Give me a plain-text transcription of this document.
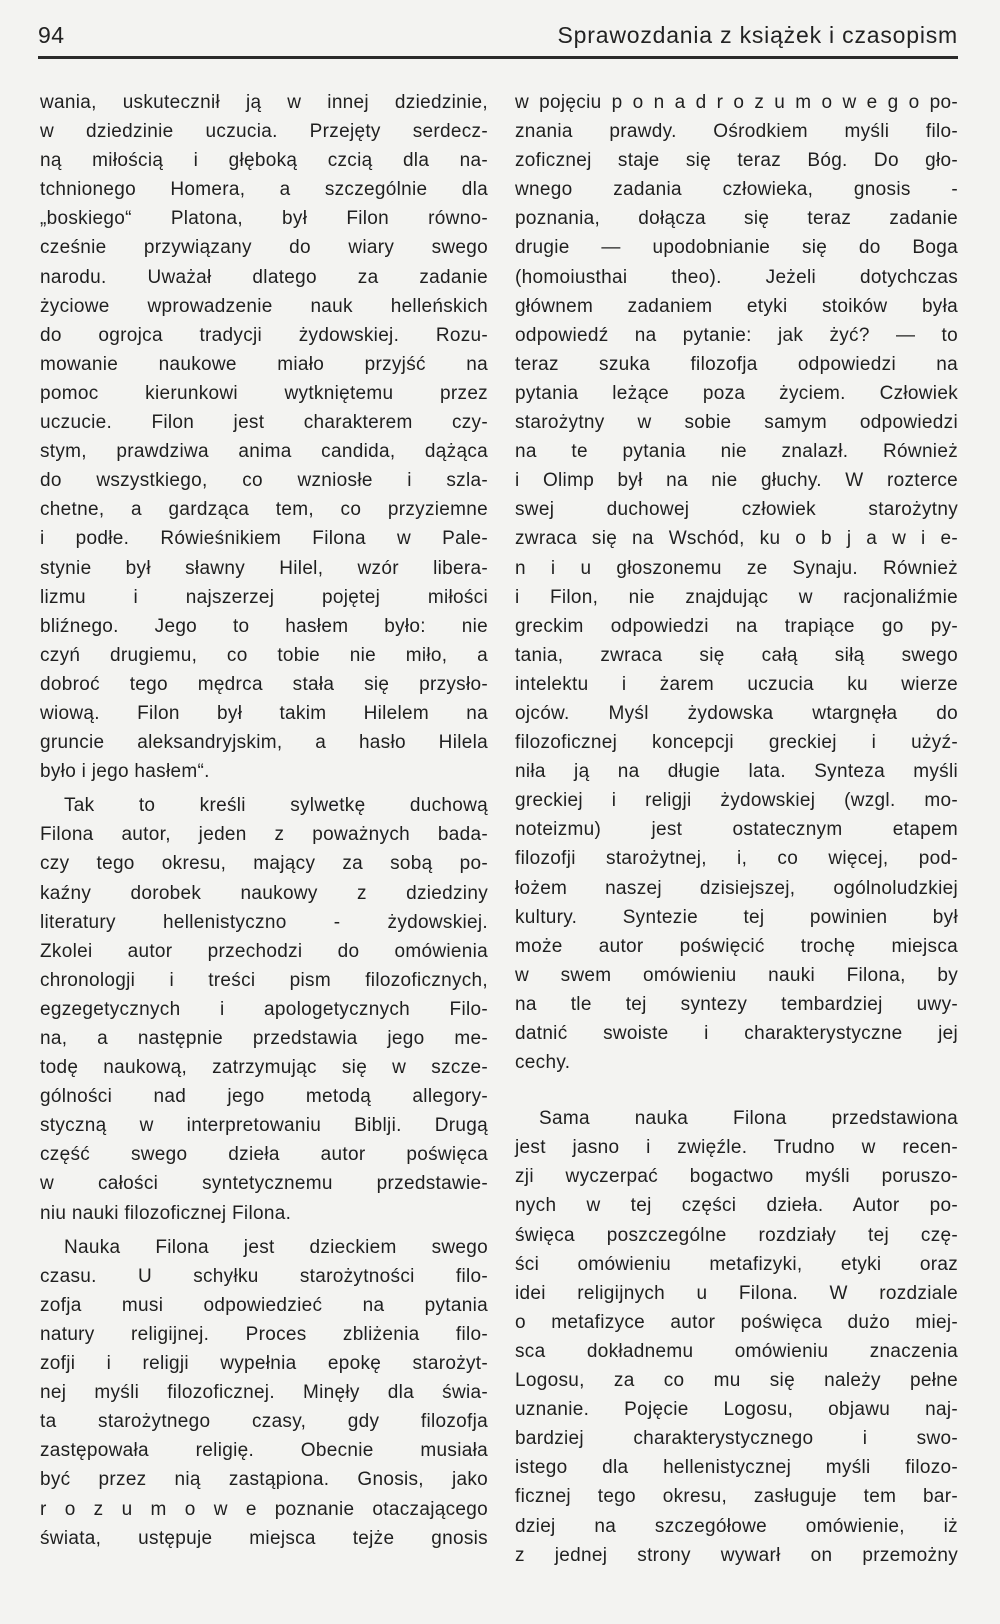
94	Sprawozdania z książek i czasopism
wania, uskutecznił ją w innej dziedzinie,
w dziedzinie uczucia. Przejęty serdecz-
ną miłością i głęboką czcią dla na-
tchnionego Homera, a szczególnie dla
„boskiego“ Platona, był Filon równo-
cześnie przywiązany do wiary swego
narodu. Uważał dlatego za zadanie
życiowe wprowadzenie nauk helleńskich
do ogrojca tradycji żydowskiej. Rozu-
mowanie naukowe miało przyjść na
pomoc kierunkowi wytkniętemu przez
uczucie. Filon jest charakterem czy-
stym, prawdziwa anima candida, dążąca
do wszystkiego, co wzniosłe i szla-
chetne, a gardząca tem, co przyziemne
i podłe. Rówieśnikiem Filona w Pale-
stynie był sławny Hilel, wzór libera-
lizmu i najszerzej pojętej miłości
bliźnego. Jego to hasłem było: nie
czyń drugiemu, co tobie nie miło, a
dobroć tego mędrca stała się przysło-
wiową. Filon był takim Hilelem na
gruncie aleksandryjskim, a hasło Hilela
było i jego hasłem“.
Tak to kreśli sylwetkę duchową
Filona autor, jeden z poważnych bada-
czy tego okresu, mający za sobą po-
kaźny dorobek naukowy z dziedziny
literatury hellenistyczno - żydowskiej.
Zkolei autor przechodzi do omówienia
chronologji i treści pism filozoficznych,
egzegetycznych i apologetycznych Filo-
na, a następnie przedstawia jego me-
todę naukową, zatrzymując się w szcze-
gólności nad jego metodą allegory-
styczną w interpretowaniu Biblji. Drugą
część swego dzieła autor poświęca
w całości syntetycznemu przedstawie-
niu nauki filozoficznej Filona.
Nauka Filona jest dzieckiem swego
czasu. U schyłku starożytności filo-
zofja musi odpowiedzieć na pytania
natury religijnej. Proces zbliżenia filo-
zofji i religji wypełnia epokę starożyt-
nej myśli filozoficznej. Minęły dla świa-
ta starożytnego czasy, gdy filozofja
zastępowała religię. Obecnie musiała
być przez nią zastąpiona. Gnosis, jako
r o z u m o w e poznanie otaczającego
świata, ustępuje miejsca tejże gnosis
w pojęciu p o n a d r o z u m o w e g o po-
znania prawdy. Ośrodkiem myśli filo-
zoficznej staje się teraz Bóg. Do gło-
wnego zadania człowieka, gnosis -
poznania, dołącza się teraz zadanie
drugie — upodobnianie się do Boga
(homoiusthai theo). Jeżeli dotychczas
głównem zadaniem etyki stoików była
odpowiedź na pytanie: jak żyć? — to
teraz szuka filozofja odpowiedzi na
pytania leżące poza życiem. Człowiek
starożytny w sobie samym odpowiedzi
na te pytania nie znalazł. Również
i Olimp był na nie głuchy. W rozterce
swej duchowej człowiek starożytny
zwraca się na Wschód, ku o b j a w i e-
n i u głoszonemu ze Synaju. Również
i Filon, nie znajdując w racjonaliźmie
greckim odpowiedzi na trapiące go py-
tania, zwraca się całą siłą swego
intelektu i żarem uczucia ku wierze
ojców. Myśl żydowska wtargnęła do
filozoficznej koncepcji greckiej i użyź-
niła ją na długie lata. Synteza myśli
greckiej i religji żydowskiej (wzgl. mo-
noteizmu) jest ostatecznym etapem
filozofji starożytnej, i, co więcej, pod-
łożem naszej dzisiejszej, ogólnoludzkiej
kultury. Syntezie tej powinien był
może autor poświęcić trochę miejsca
w swem omówieniu nauki Filona, by
na tle tej syntezy tembardziej uwy-
datnić swoiste i charakterystyczne jej
cechy.
Sama nauka Filona przedstawiona
jest jasno i zwięźle. Trudno w recen-
zji wyczerpać bogactwo myśli poruszo-
nych w tej części dzieła. Autor po-
święca poszczególne rozdziały tej czę-
ści omówieniu metafizyki, etyki oraz
idei religijnych u Filona. W rozdziale
o metafizyce autor poświęca dużo miej-
sca dokładnemu omówieniu znaczenia
Logosu, za co mu się należy pełne
uznanie. Pojęcie Logosu, objawu naj-
bardziej charakterystycznego i swo-
istego dla hellenistycznej myśli filozo-
ficznej tego okresu, zasługuje tem bar-
dziej na szczegółowe omówienie, iż
z jednej strony wywarł on przemożny
